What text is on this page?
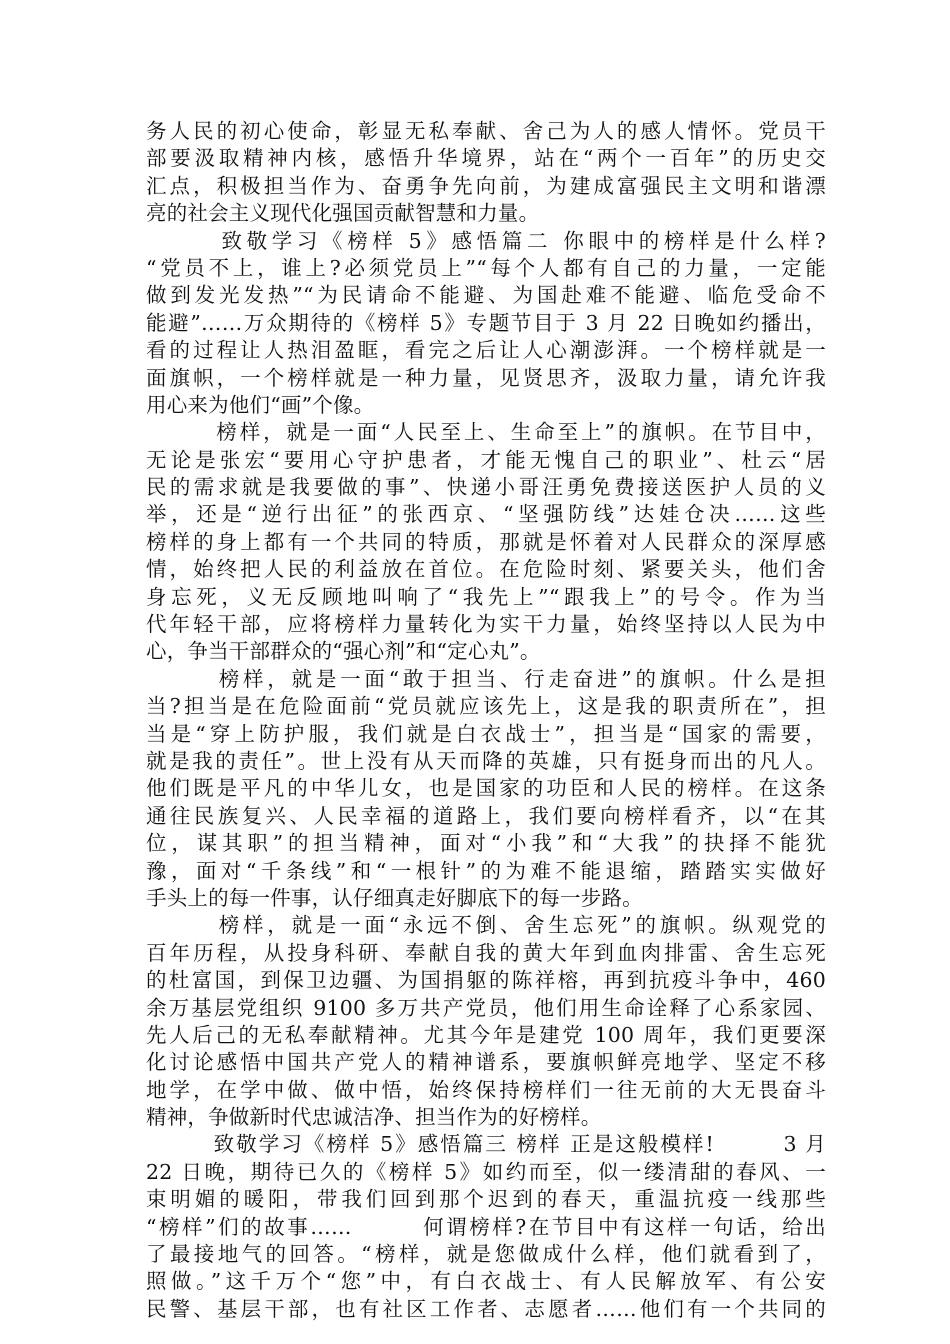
务人民的初心使命，彰显无私奉献、舍己为人的感人情怀。党员干
部要汲取精神内核，感悟升华境界，站在“两个一百年”的历史交
汇点，积极担当作为、奋勇争先向前，为建成富强民主文明和谐漂
亮的社会主义现代化强国贡献智慧和力量。
　　　致敬学习《榜样 5》感悟篇二 你眼中的榜样是什么样?
“党员不上，谁上?必须党员上”“每个人都有自己的力量，一定能
做到发光发热”“为民请命不能避、为国赴难不能避、临危受命不
能避”……万众期待的《榜样 5》专题节目于 3 月 22 日晚如约播出，
看的过程让人热泪盈眶，看完之后让人心潮澎湃。一个榜样就是一
面旗帜，一个榜样就是一种力量，见贤思齐，汲取力量，请允许我
用心来为他们“画”个像。
　　　榜样，就是一面“人民至上、生命至上”的旗帜。在节目中，
无论是张宏“要用心守护患者，才能无愧自己的职业”、杜云“居
民的需求就是我要做的事”、快递小哥汪勇免费接送医护人员的义
举，还是“逆行出征”的张西京、“坚强防线”达娃仓决……这些
榜样的身上都有一个共同的特质，那就是怀着对人民群众的深厚感
情，始终把人民的利益放在首位。在危险时刻、紧要关头，他们舍
身忘死，义无反顾地叫响了“我先上”“跟我上”的号令。作为当
代年轻干部，应将榜样力量转化为实干力量，始终坚持以人民为中
心，争当干部群众的“强心剂”和“定心丸”。
　　　榜样，就是一面“敢于担当、行走奋进”的旗帜。什么是担
当?担当是在危险面前“党员就应该先上，这是我的职责所在”，担
当是“穿上防护服，我们就是白衣战士”，担当是“国家的需要，
就是我的责任”。世上没有从天而降的英雄，只有挺身而出的凡人。
他们既是平凡的中华儿女，也是国家的功臣和人民的榜样。在这条
通往民族复兴、人民幸福的道路上，我们要向榜样看齐，以“在其
位，谋其职”的担当精神，面对“小我”和“大我”的抉择不能犹
豫，面对“千条线”和“一根针”的为难不能退缩，踏踏实实做好
手头上的每一件事，认仔细真走好脚底下的每一步路。
　　　榜样，就是一面“永远不倒、舍生忘死”的旗帜。纵观党的
百年历程，从投身科研、奉献自我的黄大年到血肉排雷、舍生忘死
的杜富国，到保卫边疆、为国捐躯的陈祥榕，再到抗疫斗争中，460
余万基层党组织 9100 多万共产党员，他们用生命诠释了心系家园、
先人后己的无私奉献精神。尤其今年是建党 100 周年，我们更要深
化讨论感悟中国共产党人的精神谱系，要旗帜鲜亮地学、坚定不移
地学，在学中做、做中悟，始终保持榜样们一往无前的大无畏奋斗
精神，争做新时代忠诚洁净、担当作为的好榜样。
　　　致敬学习《榜样 5》感悟篇三 榜样 正是这般模样!　　　3 月
22 日晚，期待已久的《榜样 5》如约而至，似一缕清甜的春风、一
束明媚的暖阳，带我们回到那个迟到的春天，重温抗疫一线那些
“榜样”们的故事……　　　何谓榜样?在节目中有这样一句话，给出
了最接地气的回答。“榜样，就是您做成什么样，他们就看到了，
照做。”这千万个“您”中，有白衣战士、有人民解放军、有公安
民警、基层干部，也有社区工作者、志愿者……他们有一个共同的
